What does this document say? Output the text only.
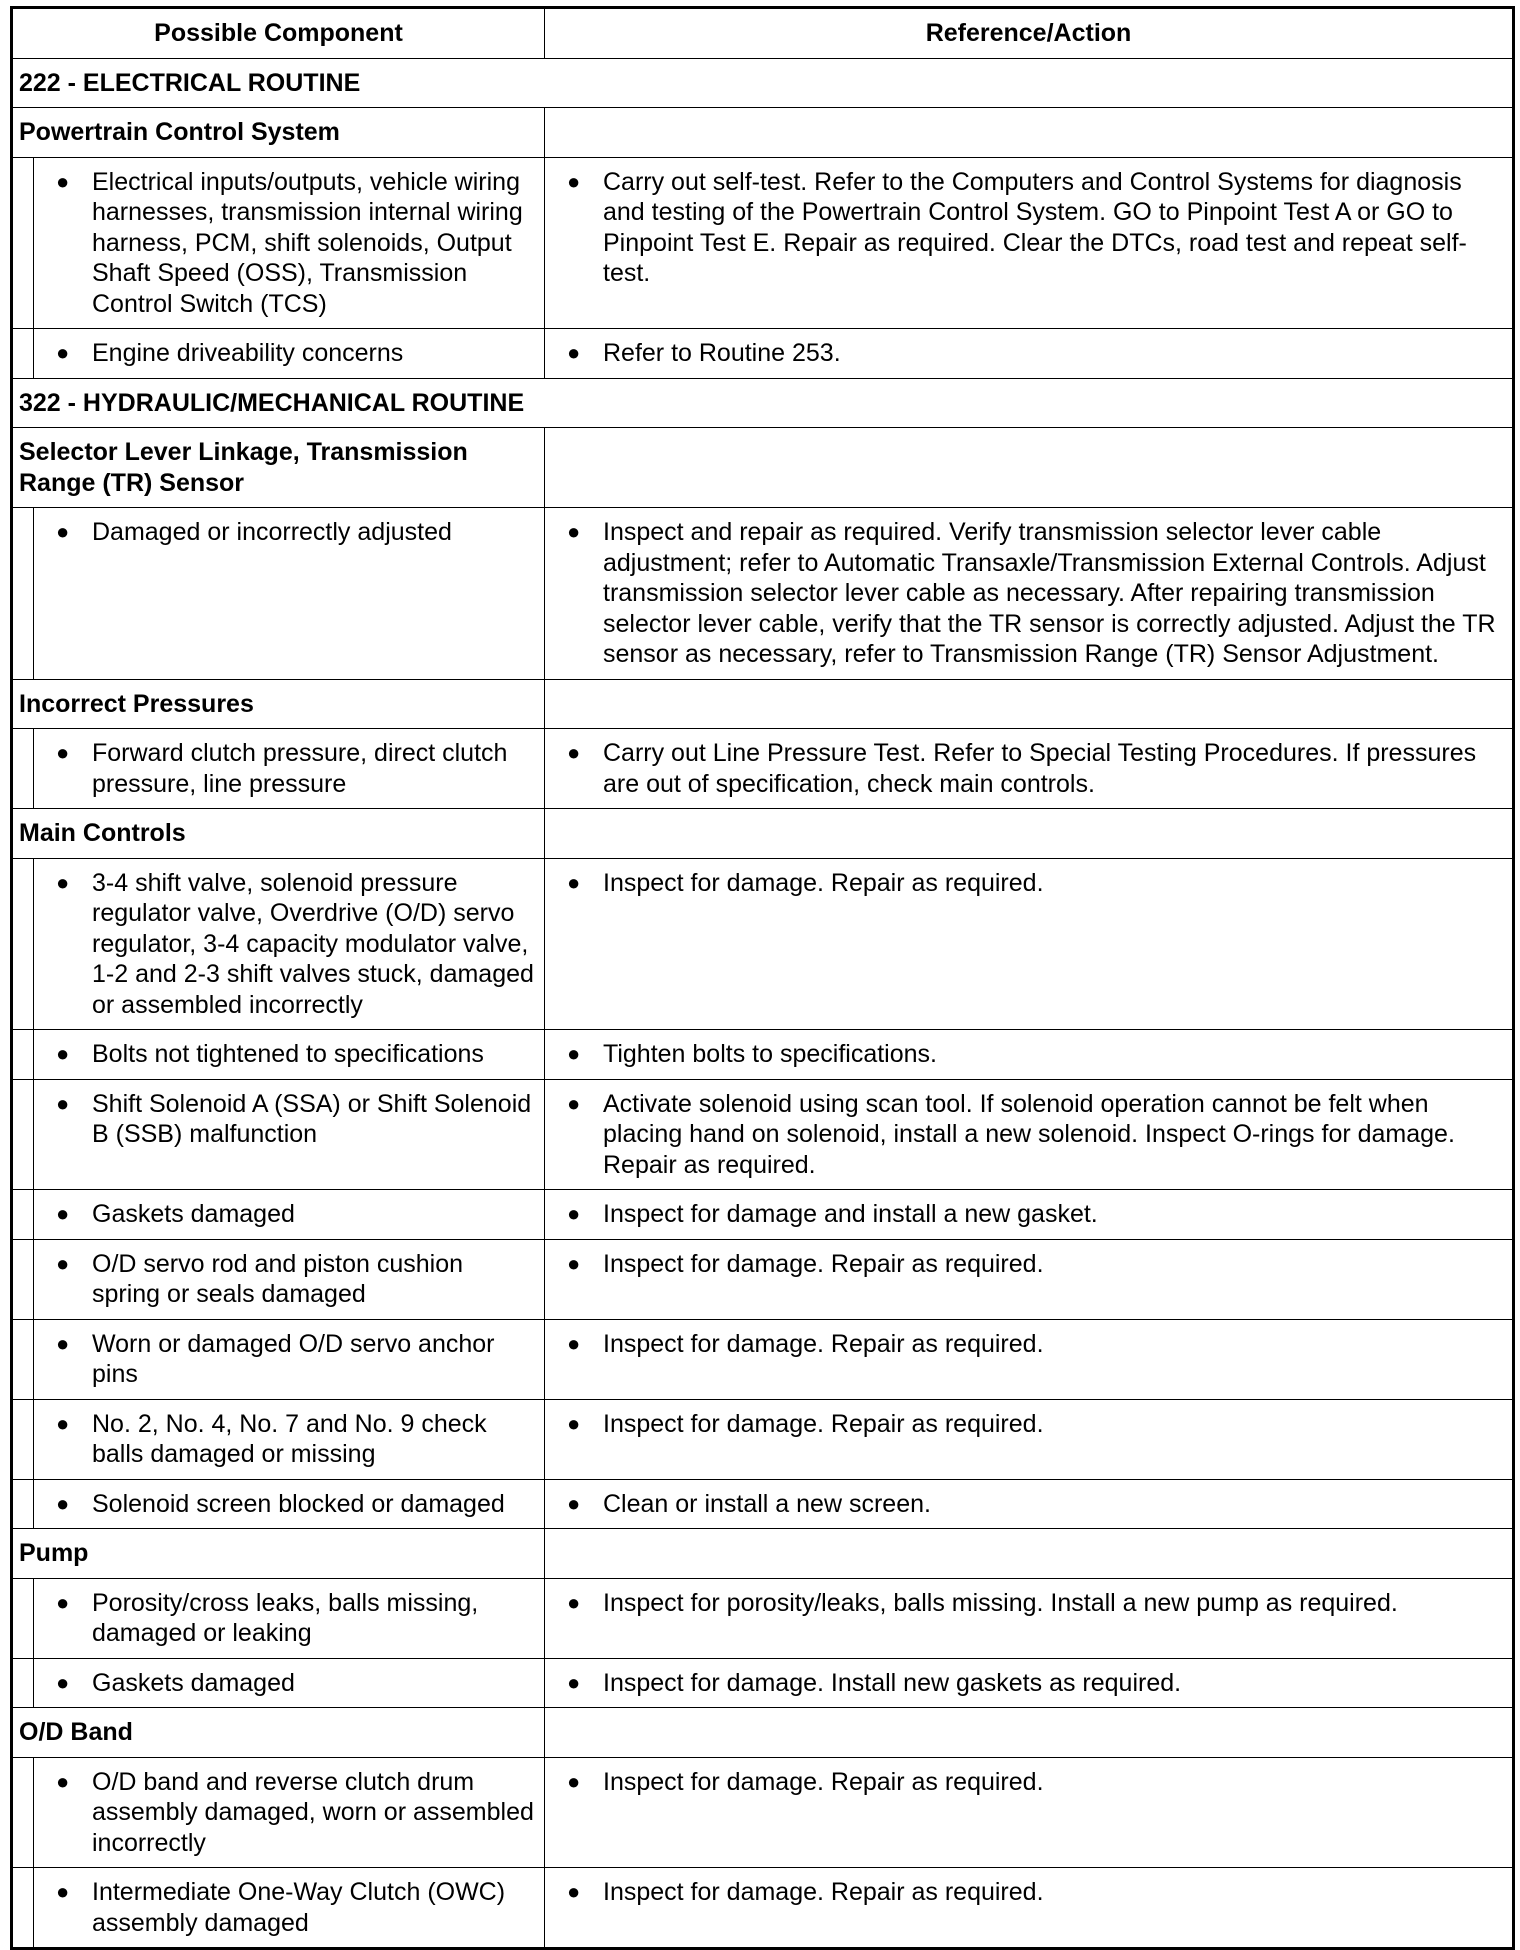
Possible Component	Reference/Action
222 - ELECTRICAL ROUTINE	
Powertrain Control System	

● Electrical inputs/outputs, vehicle wiring harnesses, transmission internal wiring harness, PCM, shift solenoids, Output Shaft Speed (OSS), Transmission Control Switch (TCS)	● Carry out self-test. Refer to the Computers and Control Systems for diagnosis and testing of the Powertrain Control System. GO to Pinpoint Test A or GO to Pinpoint Test E. Repair as required. Clear the DTCs, road test and repeat self-test.

● Engine driveability concerns	● Refer to Routine 253.

322 - HYDRAULIC/MECHANICAL ROUTINE	
Selector Lever Linkage, Transmission Range (TR) Sensor	

● Damaged or incorrectly adjusted	● Inspect and repair as required. Verify transmission selector lever cable adjustment; refer to Automatic Transaxle/Transmission External Controls. Adjust transmission selector lever cable as necessary. After repairing transmission selector lever cable, verify that the TR sensor is correctly adjusted. Adjust the TR sensor as necessary, refer to Transmission Range (TR) Sensor Adjustment.

Incorrect Pressures	

● Forward clutch pressure, direct clutch pressure, line pressure	● Carry out Line Pressure Test. Refer to Special Testing Procedures. If pressures are out of specification, check main controls.

Main Controls	

● 3-4 shift valve, solenoid pressure regulator valve, Overdrive (O/D) servo regulator, 3-4 capacity modulator valve, 1-2 and 2-3 shift valves stuck, damaged or assembled incorrectly	● Inspect for damage. Repair as required.

● Bolts not tightened to specifications	● Tighten bolts to specifications.

● Shift Solenoid A (SSA) or Shift Solenoid B (SSB) malfunction	● Activate solenoid using scan tool. If solenoid operation cannot be felt when placing hand on solenoid, install a new solenoid. Inspect O-rings for damage. Repair as required.

● Gaskets damaged	● Inspect for damage and install a new gasket.

● O/D servo rod and piston cushion spring or seals damaged	● Inspect for damage. Repair as required.

● Worn or damaged O/D servo anchor pins	● Inspect for damage. Repair as required.

● No. 2, No. 4, No. 7 and No. 9 check balls damaged or missing	● Inspect for damage. Repair as required.

● Solenoid screen blocked or damaged	● Clean or install a new screen.

Pump	

● Porosity/cross leaks, balls missing, damaged or leaking	● Inspect for porosity/leaks, balls missing. Install a new pump as required.

● Gaskets damaged	● Inspect for damage. Install new gaskets as required.

O/D Band	

● O/D band and reverse clutch drum assembly damaged, worn or assembled incorrectly	● Inspect for damage. Repair as required.

● Intermediate One-Way Clutch (OWC) assembly damaged	● Inspect for damage. Repair as required.
